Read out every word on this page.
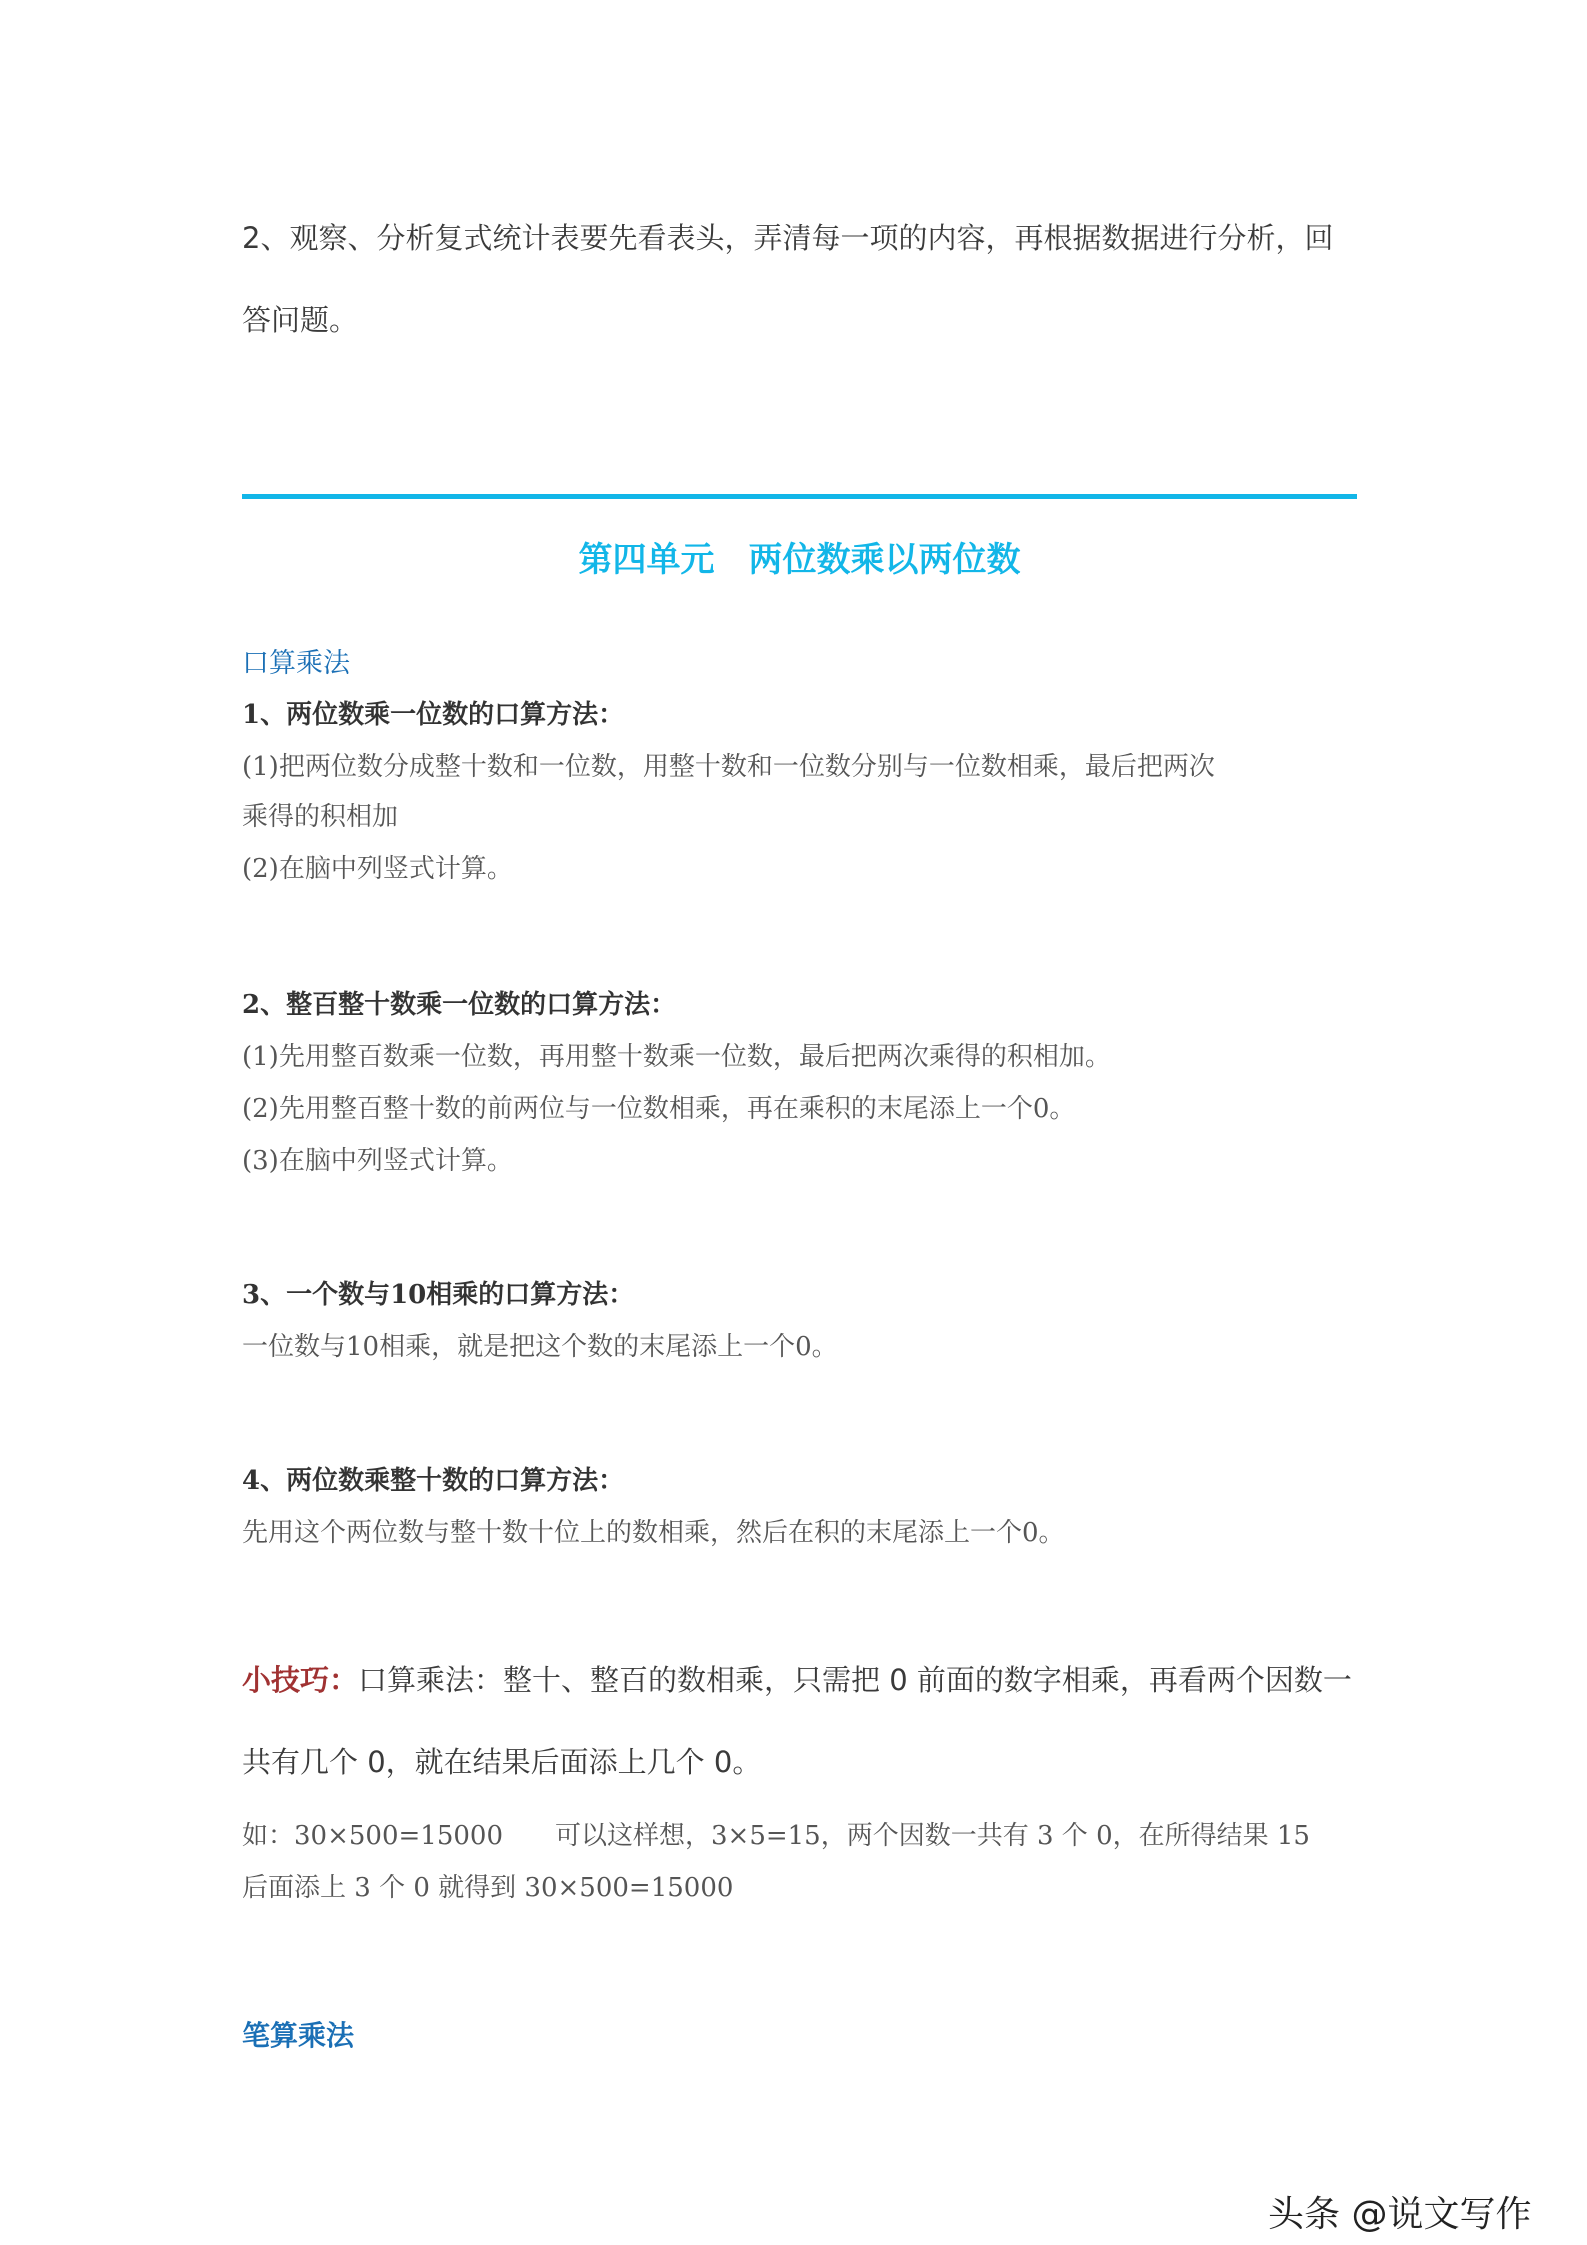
2、观察、分析复式统计表要先看表头，弄清每一项的内容，再根据数据进行分析，回
答问题。
第四单元　两位数乘以两位数
口算乘法
1、两位数乘一位数的口算方法：
(1)把两位数分成整十数和一位数，用整十数和一位数分别与一位数相乘，最后把两次
乘得的积相加
(2)在脑中列竖式计算。
2、整百整十数乘一位数的口算方法：
(1)先用整百数乘一位数，再用整十数乘一位数，最后把两次乘得的积相加。
(2)先用整百整十数的前两位与一位数相乘，再在乘积的末尾添上一个0。
(3)在脑中列竖式计算。
3、一个数与10相乘的口算方法：
一位数与10相乘，就是把这个数的末尾添上一个0。
4、两位数乘整十数的口算方法：
先用这个两位数与整十数十位上的数相乘，然后在积的末尾添上一个0。
小技巧：口算乘法：整十、整百的数相乘，只需把 0 前面的数字相乘，再看两个因数一
共有几个 0，就在结果后面添上几个 0。
如：30×500=15000　　可以这样想，3×5=15，两个因数一共有 3 个 0，在所得结果 15
后面添上 3 个 0 就得到 30×500=15000
笔算乘法
头条 @说文写作
